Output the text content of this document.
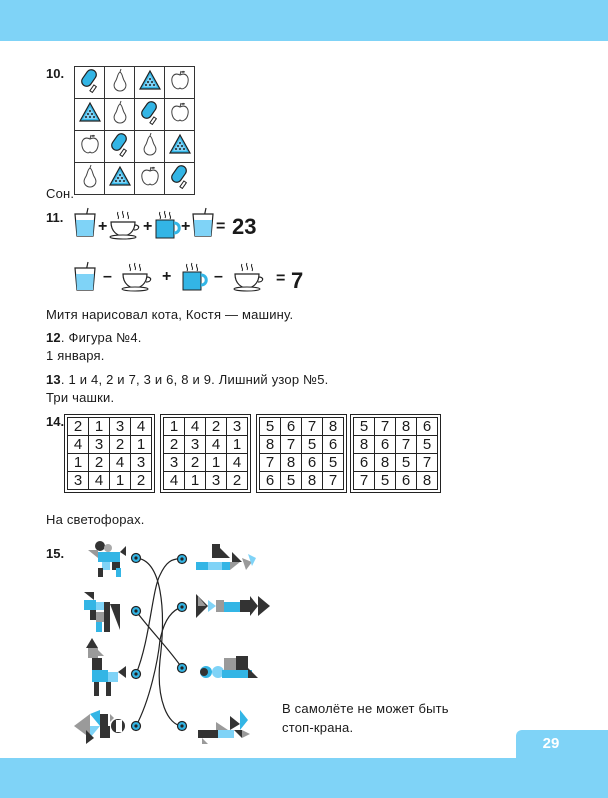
10.

Сон.
11.
+ + + = 23
–	+	–	= 7
Митя нарисовал кота, Костя — машину.
12. Фигура №4.
1 января.
13. 1 и 4, 2 и 7, 3 и 6, 8 и 9. Лишний узор №5.
Три чашки.
14. 2	1	3	4
4	3	2	1
1	2	4	3
3	4	1	2
1	4	2	3
2	3	4	1
3	2	1	4
4	1	3	2
5	6	7	8
8	7	5	6
7	8	6	5
6	5	8	7
5	7	8	6
8	6	7	5
6	8	5	7
7	5	6	8
На светофорах.
15.
В самолёте не может быть
стоп-крана.
29
